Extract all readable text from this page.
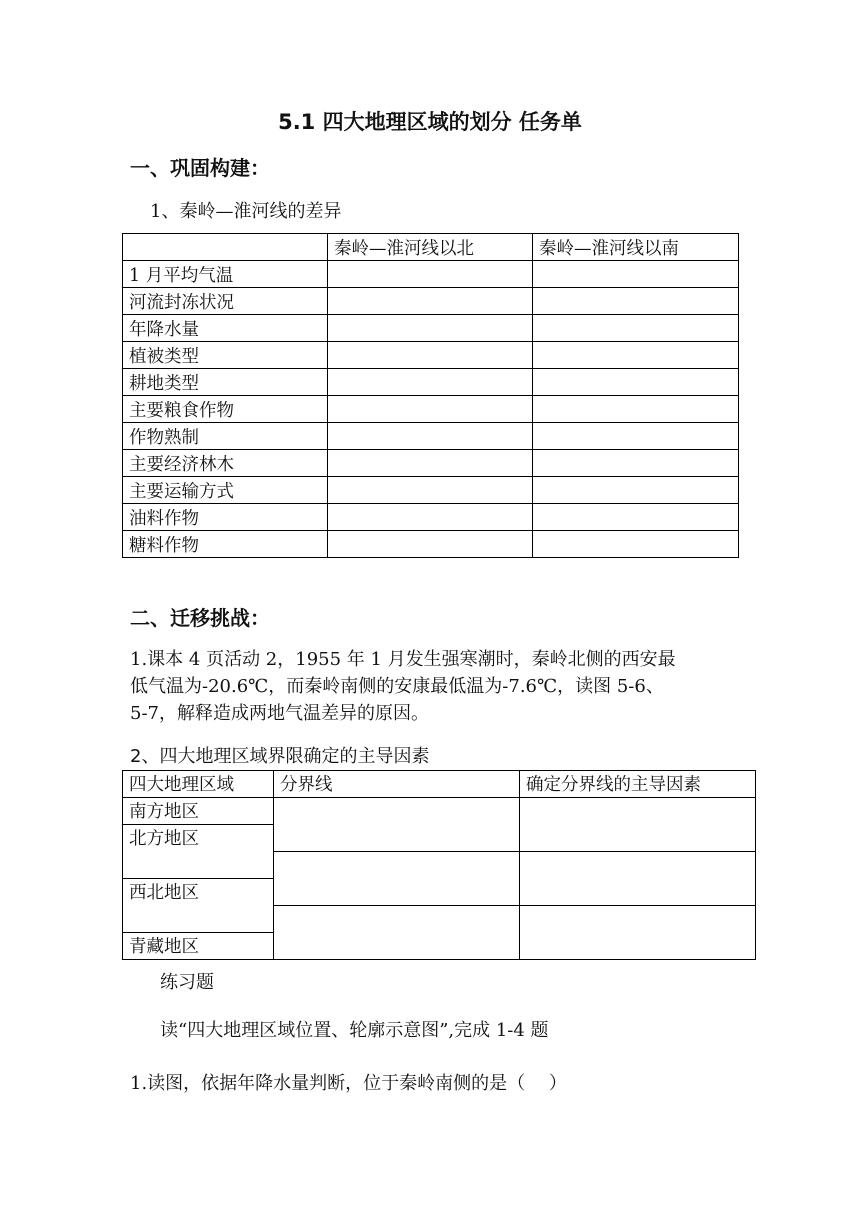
5.1 四大地理区域的划分 任务单
一、巩固构建：
1、秦岭—淮河线的差异
	秦岭—淮河线以北	秦岭—淮河线以南
1 月平均气温		
河流封冻状况		
年降水量		
植被类型		
耕地类型		
主要粮食作物		
作物熟制		
主要经济林木		
主要运输方式		
油料作物		
糖料作物		
二、迁移挑战：
1.课本 4 页活动 2，1955 年 1 月发生强寒潮时，秦岭北侧的西安最
低气温为-20.6℃，而秦岭南侧的安康最低温为-7.6℃，读图 5-6、
5-7，解释造成两地气温差异的原因。
2、四大地理区域界限确定的主导因素
四大地理区域	分界线	确定分界线的主导因素
南方地区		
北方地区		

西北地区		

青藏地区		
练习题
读“四大地理区域位置、轮廓示意图”,完成 1-4 题
1.读图，依据年降水量判断，位于秦岭南侧的是（　 ）
